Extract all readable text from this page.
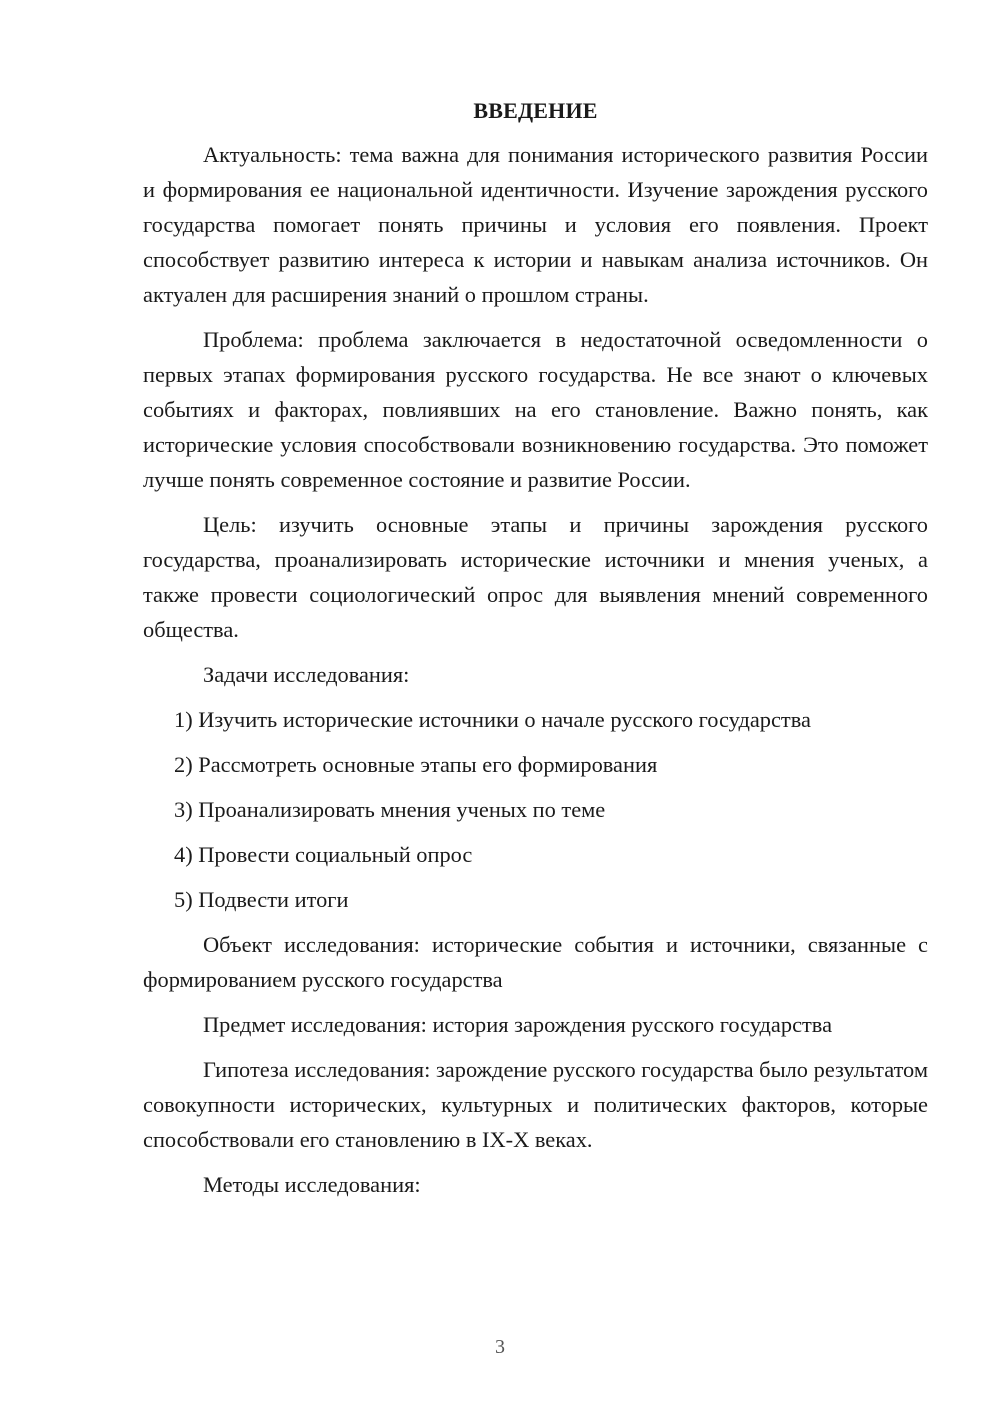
ВВЕДЕНИЕ

Актуальность: тема важна для понимания исторического развития России и формирования ее национальной идентичности. Изучение зарождения русского государства помогает понять причины и условия его появления. Проект способствует развитию интереса к истории и навыкам анализа источников. Он актуален для расширения знаний о прошлом страны.

Проблема: проблема заключается в недостаточной осведомленности о первых этапах формирования русского государства. Не все знают о ключевых событиях и факторах, повлиявших на его становление. Важно понять, как исторические условия способствовали возникновению государства. Это поможет лучше понять современное состояние и развитие России.

Цель: изучить основные этапы и причины зарождения русского государства, проанализировать исторические источники и мнения ученых, а также провести социологический опрос для выявления мнений современного общества.

Задачи исследования:

1) Изучить исторические источники о начале русского государства

2) Рассмотреть основные этапы его формирования

3) Проанализировать мнения ученых по теме

4) Провести социальный опрос

5) Подвести итоги

Объект исследования: исторические события и источники, связанные с формированием русского государства

Предмет исследования: история зарождения русского государства

Гипотеза исследования: зарождение русского государства было результатом совокупности исторических, культурных и политических факторов, которые способствовали его становлению в IX-X веках.

Методы исследования:

3
